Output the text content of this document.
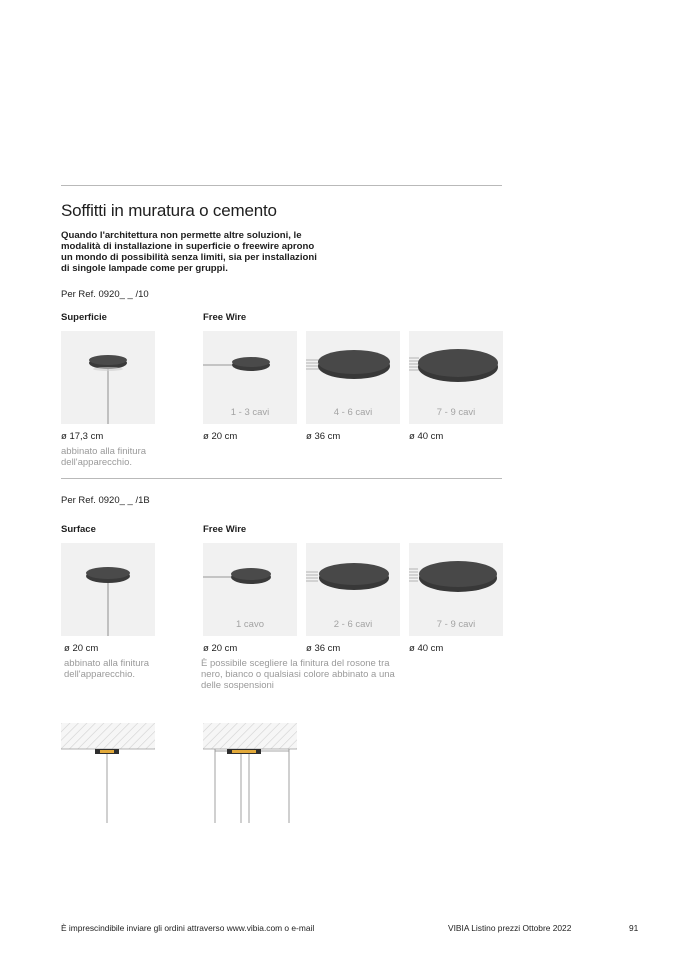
Soffitti in muratura o cemento
Quando l'architettura non permette altre soluzioni, le modalità di installazione in superficie o freewire aprono un mondo di possibilità senza limiti, sia per installazioni di singole lampade come per gruppi.
Per Ref. 0920_ _ /10
Superficie	Free Wire
1 - 3 cavi	4 - 6 cavi	7 - 9 cavi
ø 17,3 cm
abbinato alla finitura dell'apparecchio.
ø 20 cm	ø 36 cm	ø 40 cm
Per Ref. 0920_ _ /1B
Surface	Free Wire
1 cavo	2 - 6 cavi	7 - 9 cavi
ø 20 cm
abbinato alla finitura dell'apparecchio.
ø 20 cm
È possibile scegliere la finitura del rosone tra nero, bianco o qualsiasi colore abbinato a una delle sospensioni
ø 36 cm	ø 40 cm
È imprescindibile inviare gli ordini attraverso www.vibia.com o e-mail	VIBIA Listino prezzi Ottobre 2022	91
